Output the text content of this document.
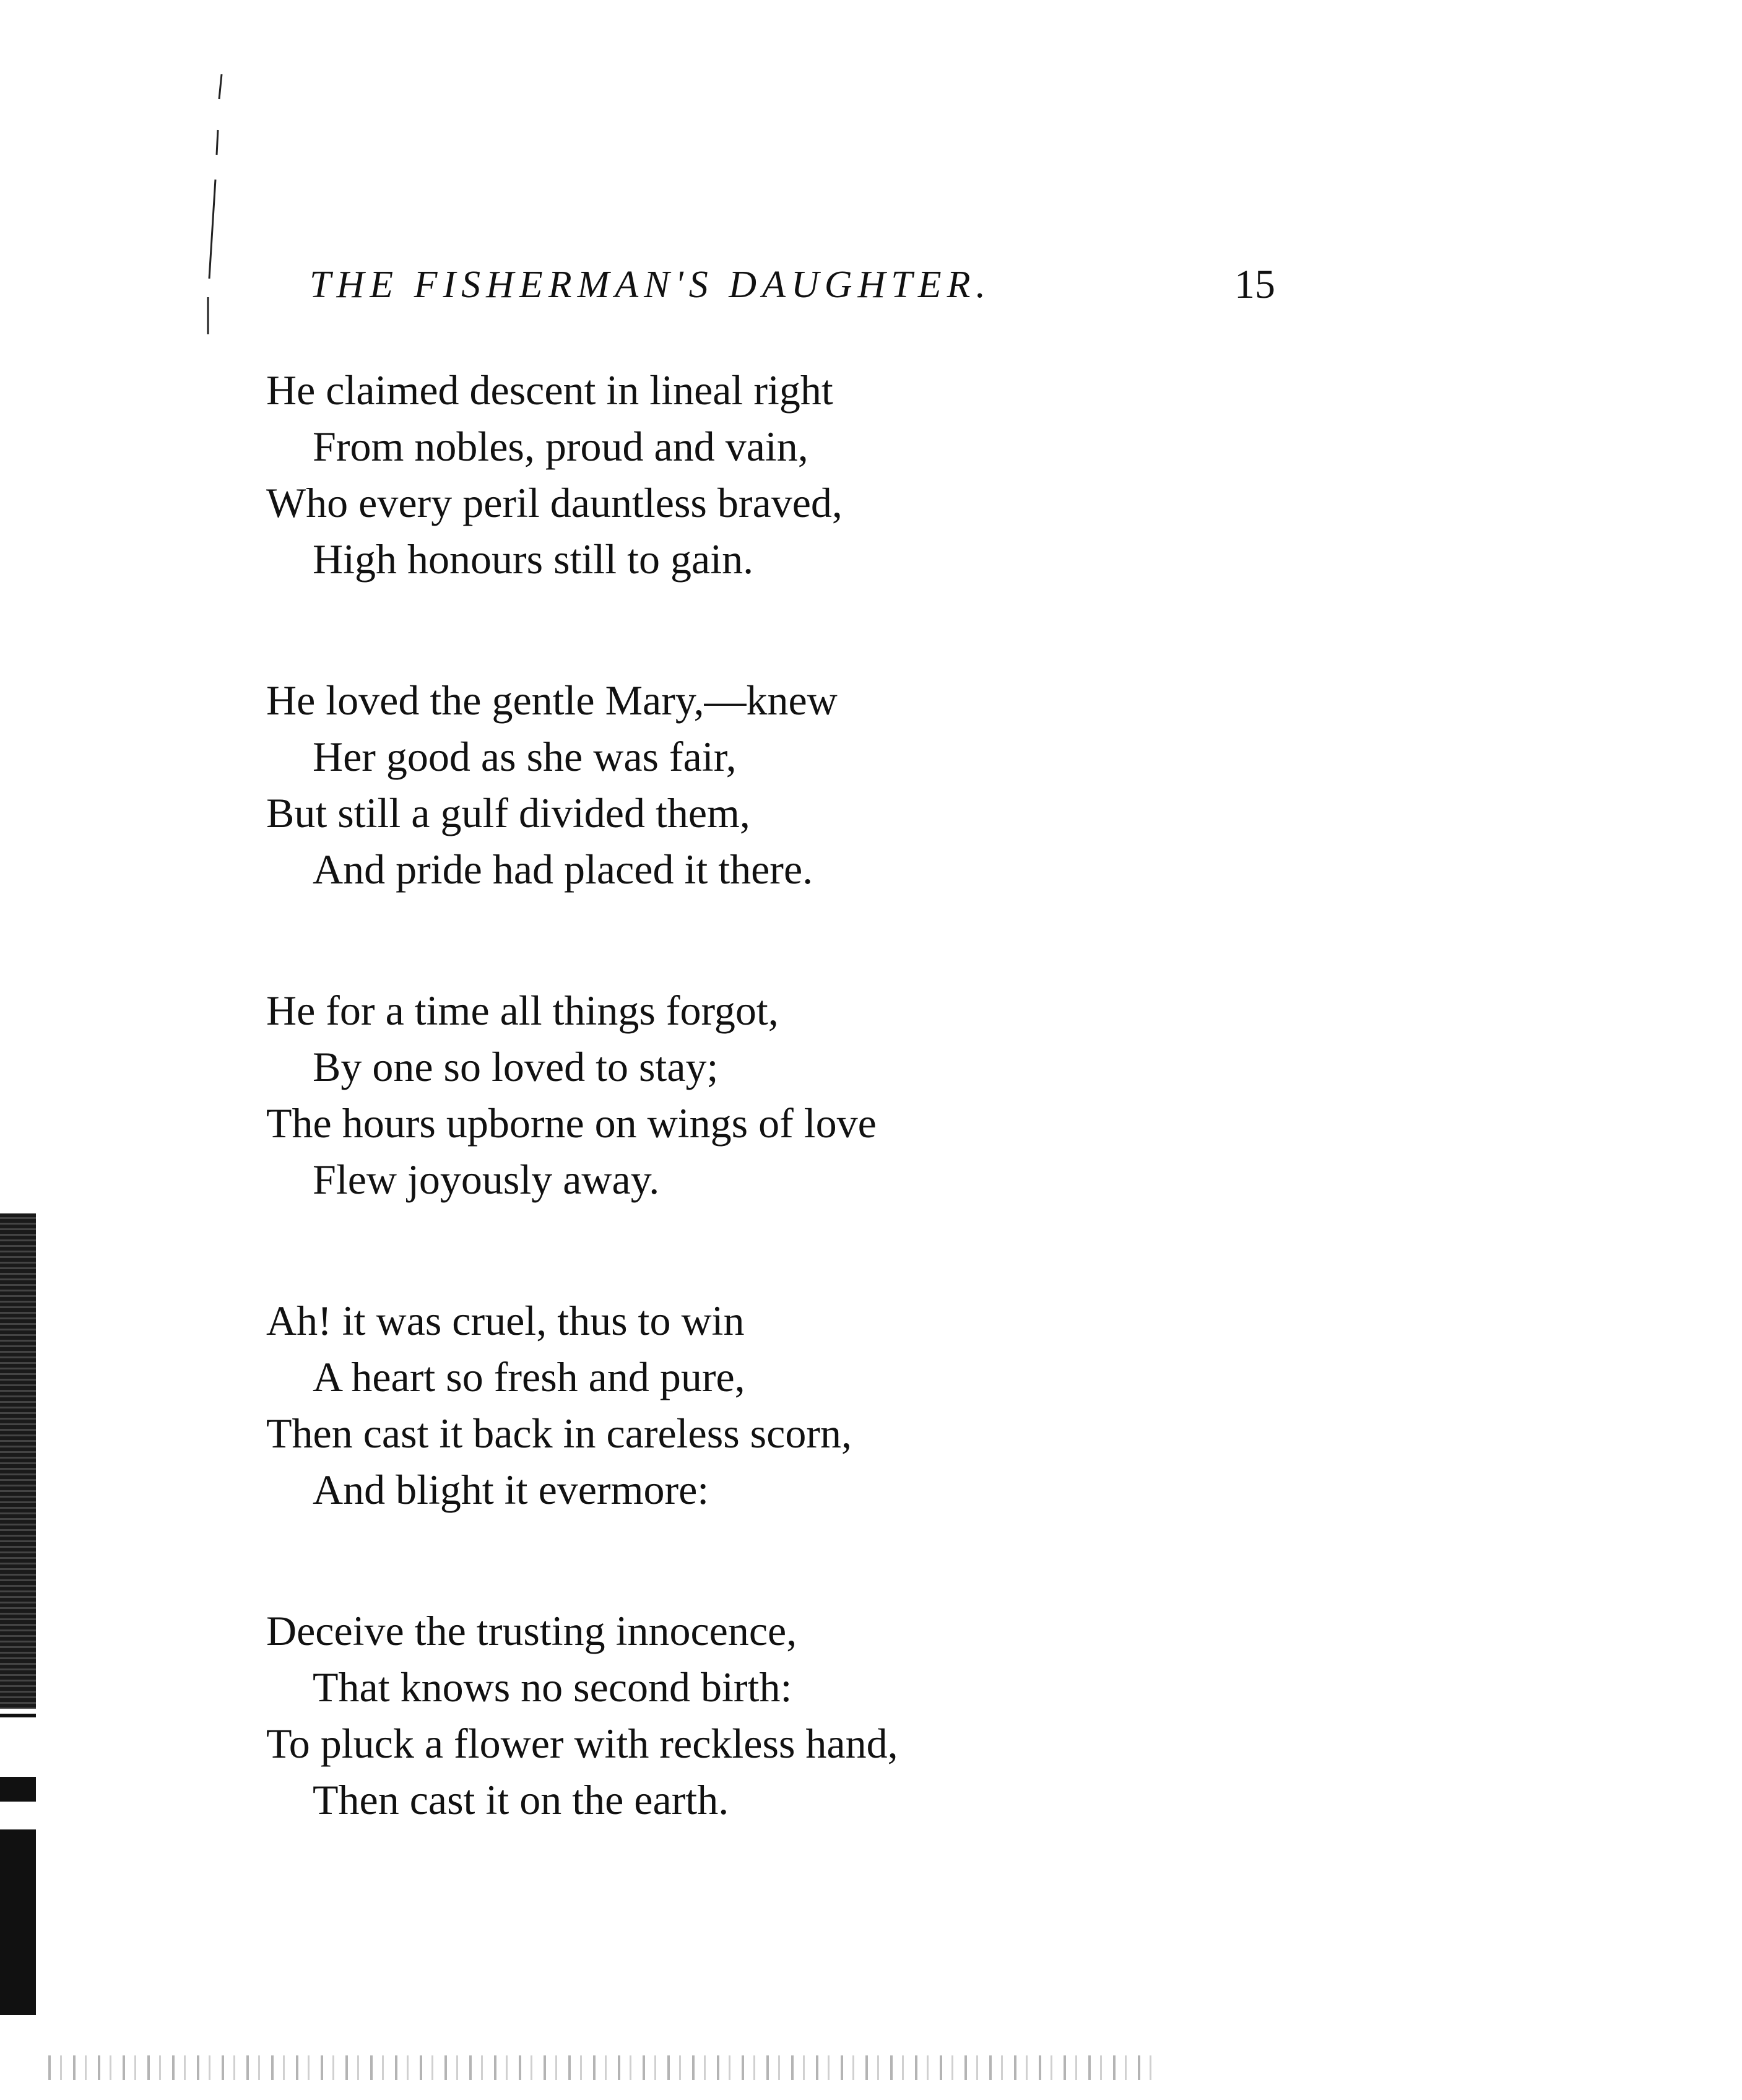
THE FISHERMAN'S DAUGHTER.	15
He claimed descent in lineal right
From nobles, proud and vain,
Who every peril dauntless braved,
High honours still to gain.
He loved the gentle Mary,—knew
Her good as she was fair,
But still a gulf divided them,
And pride had placed it there.
He for a time all things forgot,
By one so loved to stay;
The hours upborne on wings of love
Flew joyously away.
Ah! it was cruel, thus to win
A heart so fresh and pure,
Then cast it back in careless scorn,
And blight it evermore:
Deceive the trusting innocence,
That knows no second birth:
To pluck a flower with reckless hand,
Then cast it on the earth.
